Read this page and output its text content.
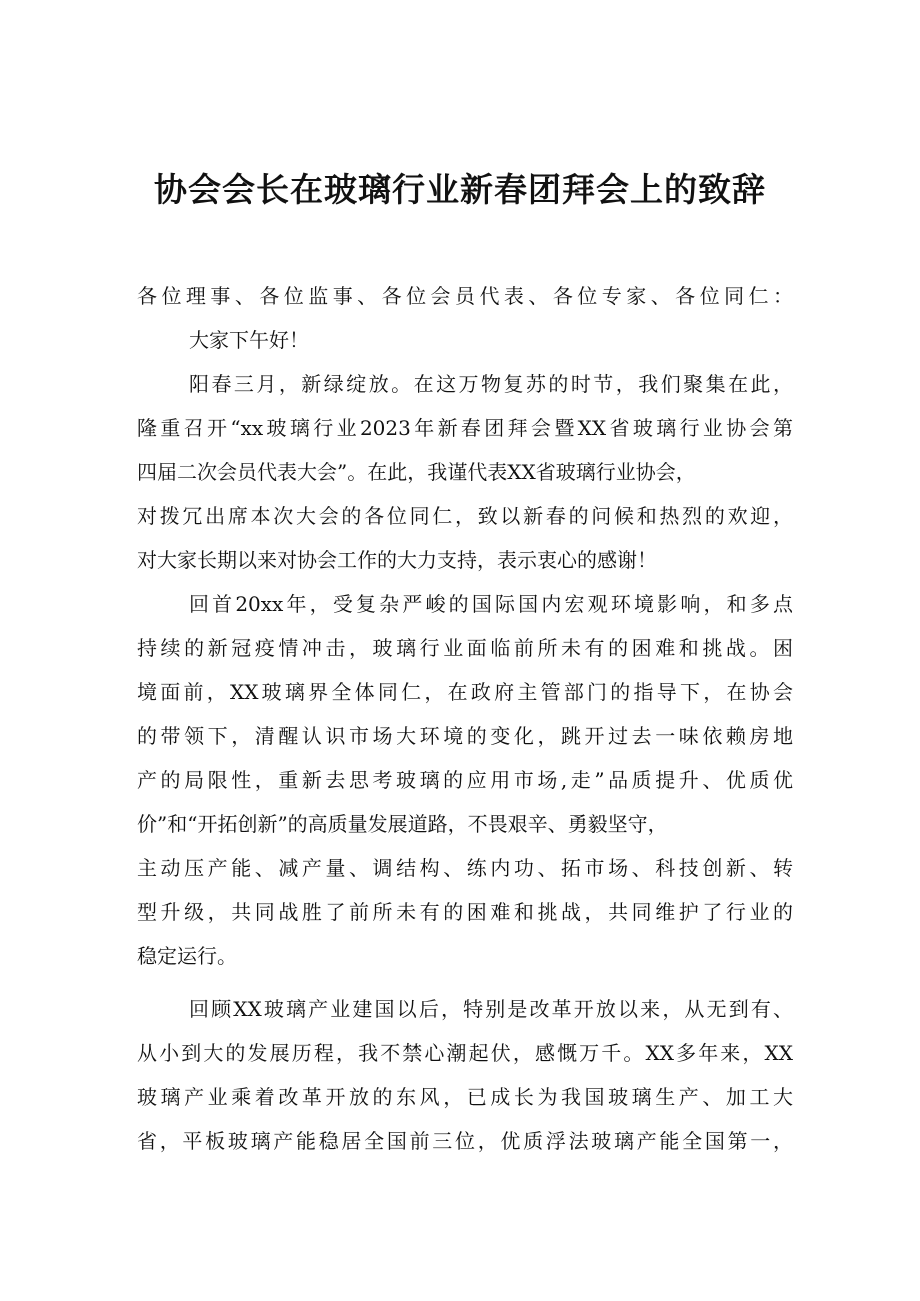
协会会长在玻璃行业新春团拜会上的致辞
各位理事、各位监事、各位会员代表、各位专家、各位同仁：
大家下午好！
阳春三月，新绿绽放。在这万物复苏的时节，我们聚集在此，
隆重召开“xx玻璃行业2023年新春团拜会暨XX省玻璃行业协会第
四届二次会员代表大会”。在此，我谨代表XX省玻璃行业协会，
对拨冗出席本次大会的各位同仁，致以新春的问候和热烈的欢迎，
对大家长期以来对协会工作的大力支持，表示衷心的感谢！
回首20xx年，受复杂严峻的国际国内宏观环境影响，和多点
持续的新冠疫情冲击，玻璃行业面临前所未有的困难和挑战。困
境面前，XX玻璃界全体同仁，在政府主管部门的指导下，在协会
的带领下，清醒认识市场大环境的变化，跳开过去一味依赖房地
产的局限性，重新去思考玻璃的应用市场,走”品质提升、优质优
价”和“开拓创新”的高质量发展道路，不畏艰辛、勇毅坚守，
主动压产能、减产量、调结构、练内功、拓市场、科技创新、转
型升级，共同战胜了前所未有的困难和挑战，共同维护了行业的
稳定运行。
回顾XX玻璃产业建国以后，特别是改革开放以来，从无到有、
从小到大的发展历程，我不禁心潮起伏，感慨万千。XX多年来，XX
玻璃产业乘着改革开放的东风，已成长为我国玻璃生产、加工大
省，平板玻璃产能稳居全国前三位，优质浮法玻璃产能全国第一，
